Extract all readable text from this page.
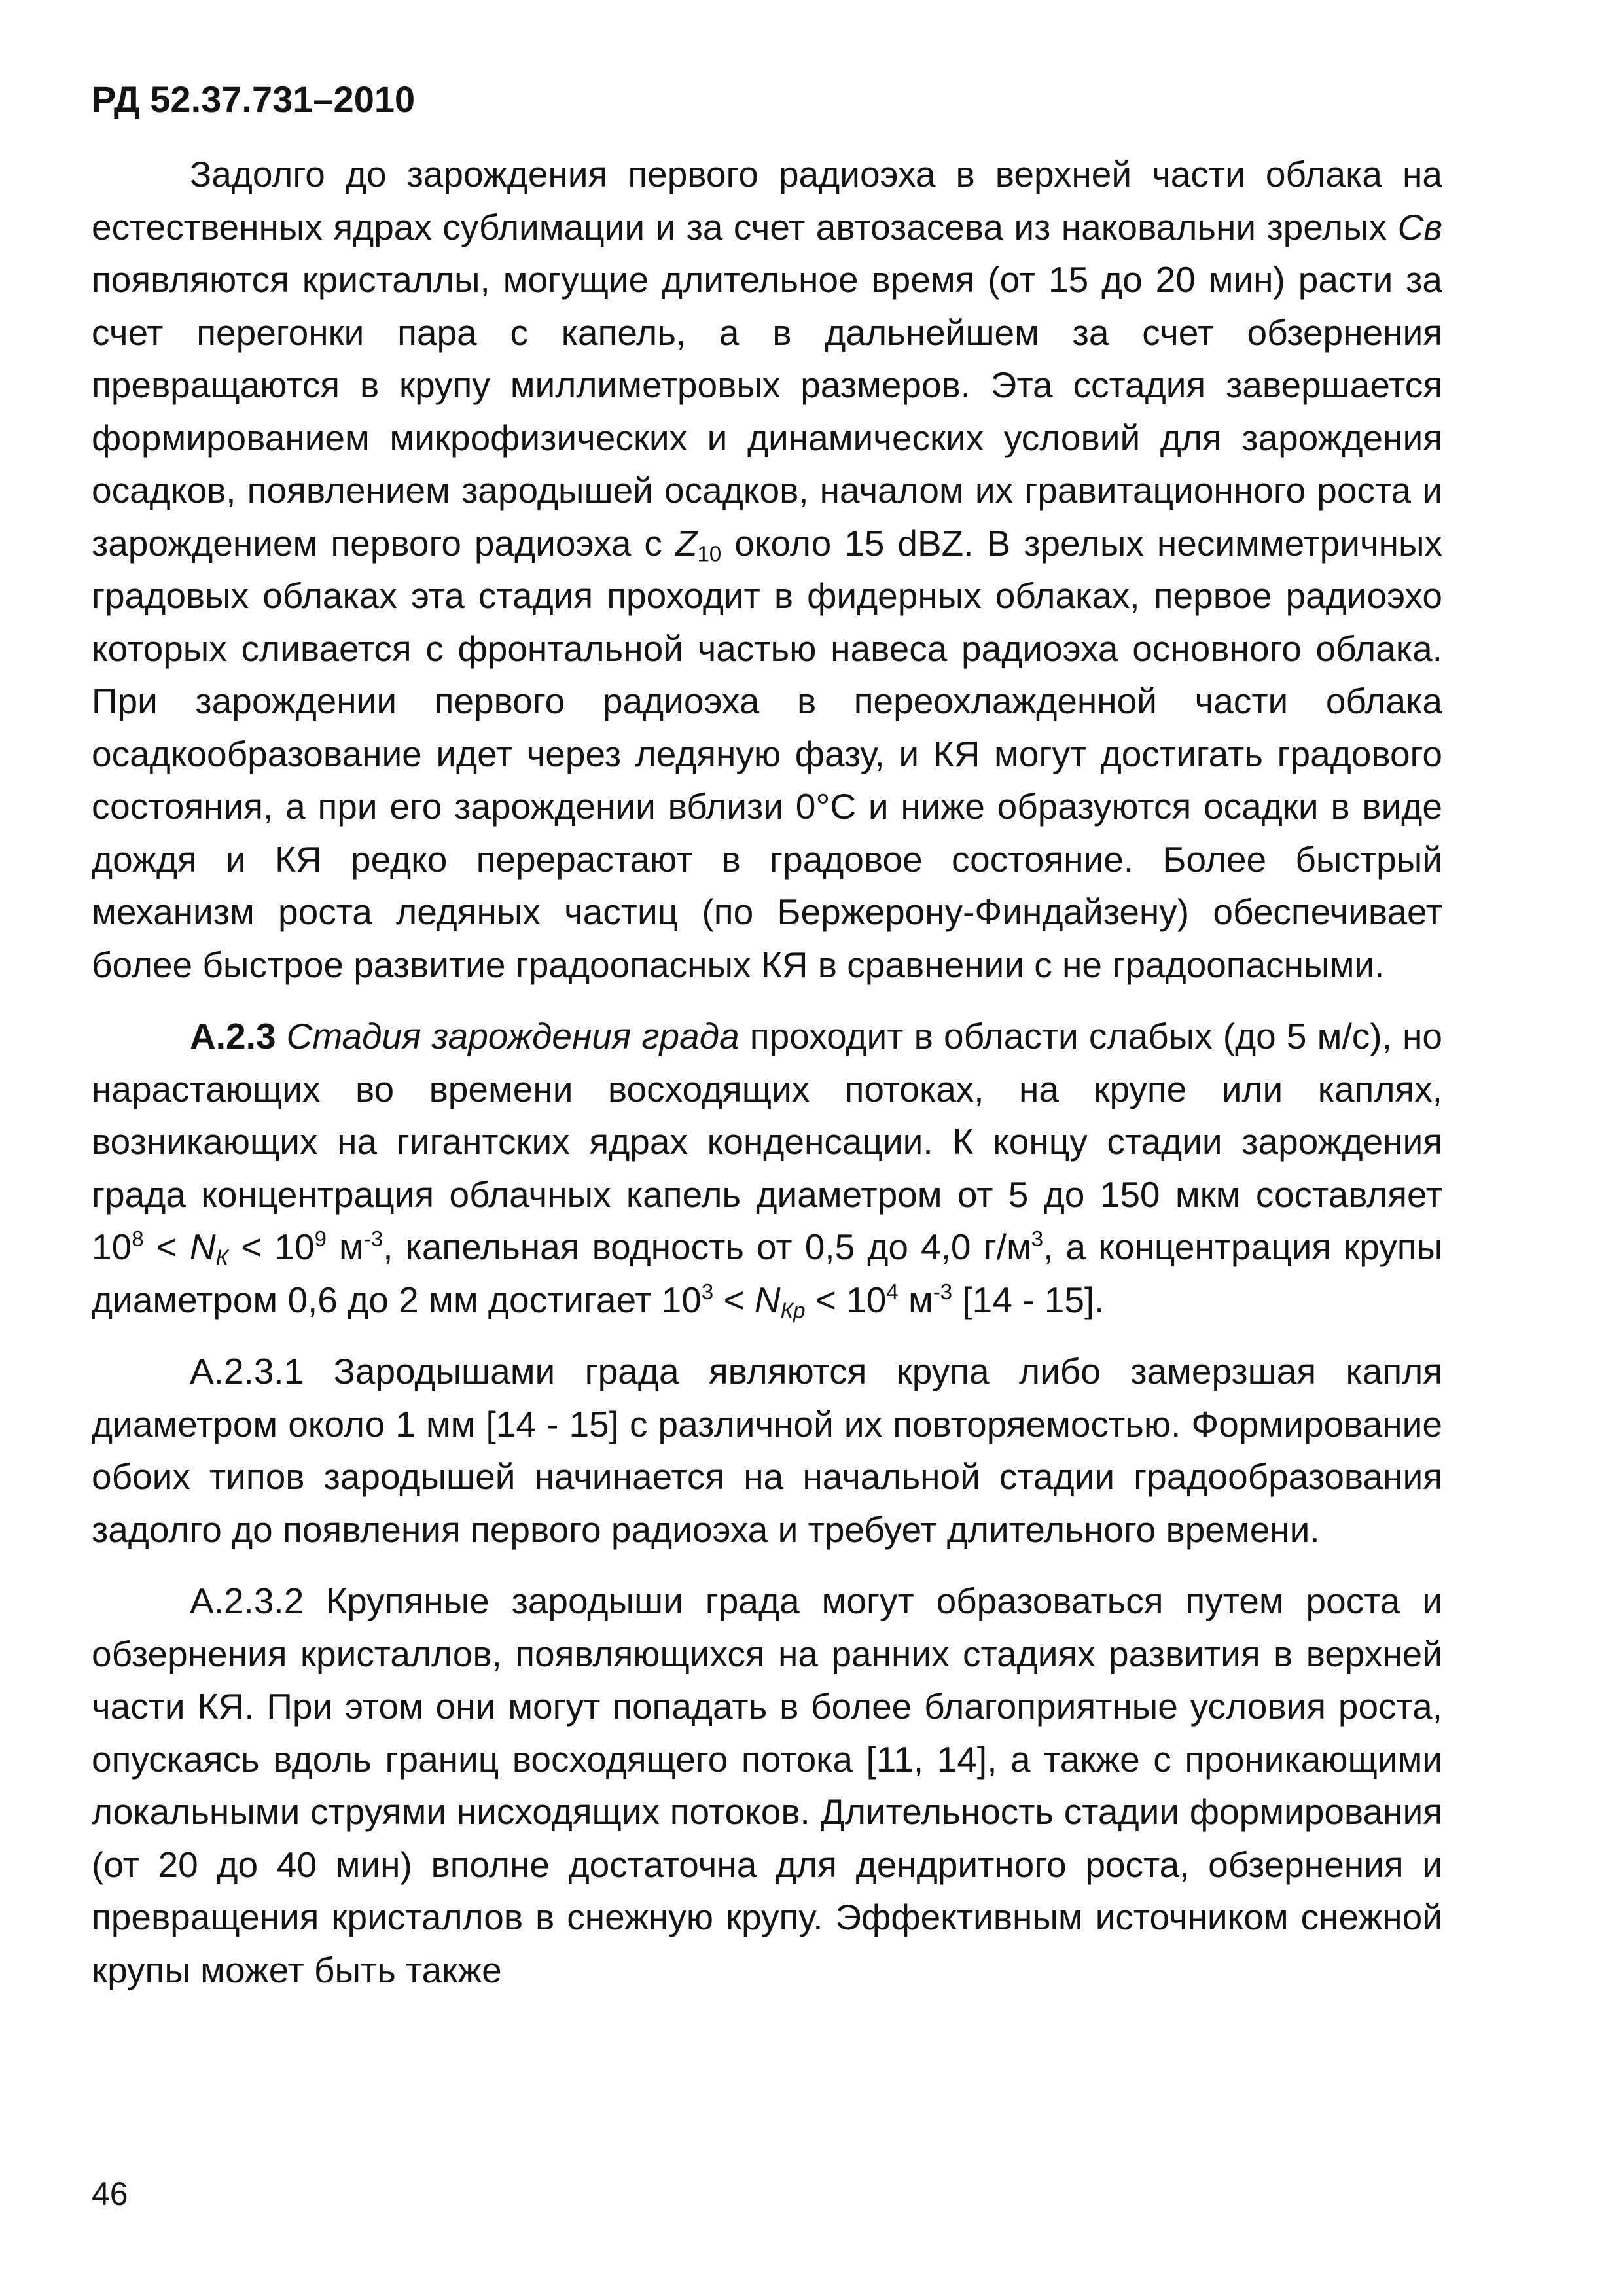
РД 52.37.731–2010

Задолго до зарождения первого радиоэха в верхней части облака на естественных ядрах сублимации и за счет автозасева из наковальни зрелых Св появляются кристаллы, могущие длительное время (от 15 до 20 мин) расти за счет перегонки пара с капель, а в дальнейшем за счет обзернения превращаются в крупу миллиметровых размеров. Эта сстадия завершается формированием микрофизических и динамических условий для зарождения осадков, появлением зародышей осадков, началом их гравитационного роста и зарождением первого радиоэха с $Z_{10}$ около 15 dBZ. В зрелых несимметричных градовых облаках эта стадия проходит в фидерных облаках, первое радиоэхо которых сливается с фронтальной частью навеса радиоэха основного облака. При зарождении первого радиоэха в переохлажденной части облака осадкообразование идет через ледяную фазу, и КЯ могут достигать градового состояния, а при его зарождении вблизи 0°С и ниже образуются осадки в виде дождя и КЯ редко перерастают в градовое состояние. Более быстрый механизм роста ледяных частиц (по Бержерону-Финдайзену) обеспечивает более быстрое развитие градоопасных КЯ в сравнении с не градоопасными.

А.2.3 Стадия зарождения града проходит в области слабых (до 5 м/с), но нарастающих во времени восходящих потоках, на крупе или каплях, возникающих на гигантских ядрах конденсации. К концу стадии зарождения града концентрация облачных капель диаметром от 5 до 150 мкм составляет $10^8 < N_К < 10^9$ $м^{-3}$, капельная водность от 0,5 до 4,0 $г/м^3$, а концентрация крупы диаметром 0,6 до 2 мм достигает $10^3 < N_{Кр} < 10^4$ $м^{-3}$ [14 - 15].

А.2.3.1 Зародышами града являются крупа либо замерзшая капля диаметром около 1 мм [14 - 15] с различной их повторяемостью. Формирование обоих типов зародышей начинается на начальной стадии градообразования задолго до появления первого радиоэха и требует длительного времени.

А.2.3.2 Крупяные зародыши града могут образоваться путем роста и обзернения кристаллов, появляющихся на ранних стадиях развития в верхней части КЯ. При этом они могут попадать в более благоприятные условия роста, опускаясь вдоль границ восходящего потока [11, 14], а также с проникающими локальными струями нисходящих потоков. Длительность стадии формирования (от 20 до 40 мин) вполне достаточна для дендритного роста, обзернения и превращения кристаллов в снежную крупу. Эффективным источником снежной крупы может быть также

46
